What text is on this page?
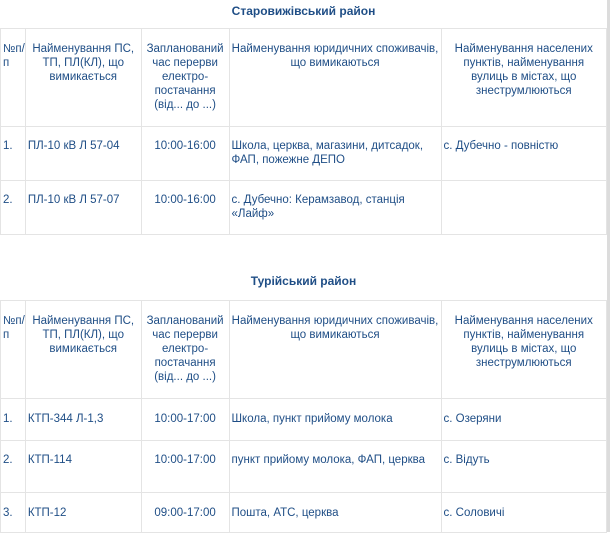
Старовижівський район				
№п/п	Найменування ПС, ТП, ПЛ(КЛ), що вимикається	Запланований час перерви електро-постачання (від... до ...)	Найменування юридичних споживачів, що вимикаються	Найменування населених пунктів, найменування вулиць в містах, що знеструмлюються
1.	ПЛ-10 кВ Л 57-04	10:00-16:00	Школа, церква, магазини, дитсадок, ФАП, пожежне ДЕПО	с. Дубечно - повністю
2.	ПЛ-10 кВ Л 57-07	10:00-16:00	с. Дубечно: Керамзавод, станція «Лайф»	
Турійський район				
№п/п	Найменування ПС, ТП, ПЛ(КЛ), що вимикається	Запланований час перерви електро-постачання (від... до ...)	Найменування юридичних споживачів, що вимикаються	Найменування населених пунктів, найменування вулиць в містах, що знеструмлюються
1.	КТП-344 Л-1,3	10:00-17:00	Школа, пункт прийому молока	с. Озеряни
2.	КТП-114	10:00-17:00	пункт прийому молока, ФАП, церква	с. Відуть
3.	КТП-12	09:00-17:00	Пошта, АТС, церква	с. Соловичі
